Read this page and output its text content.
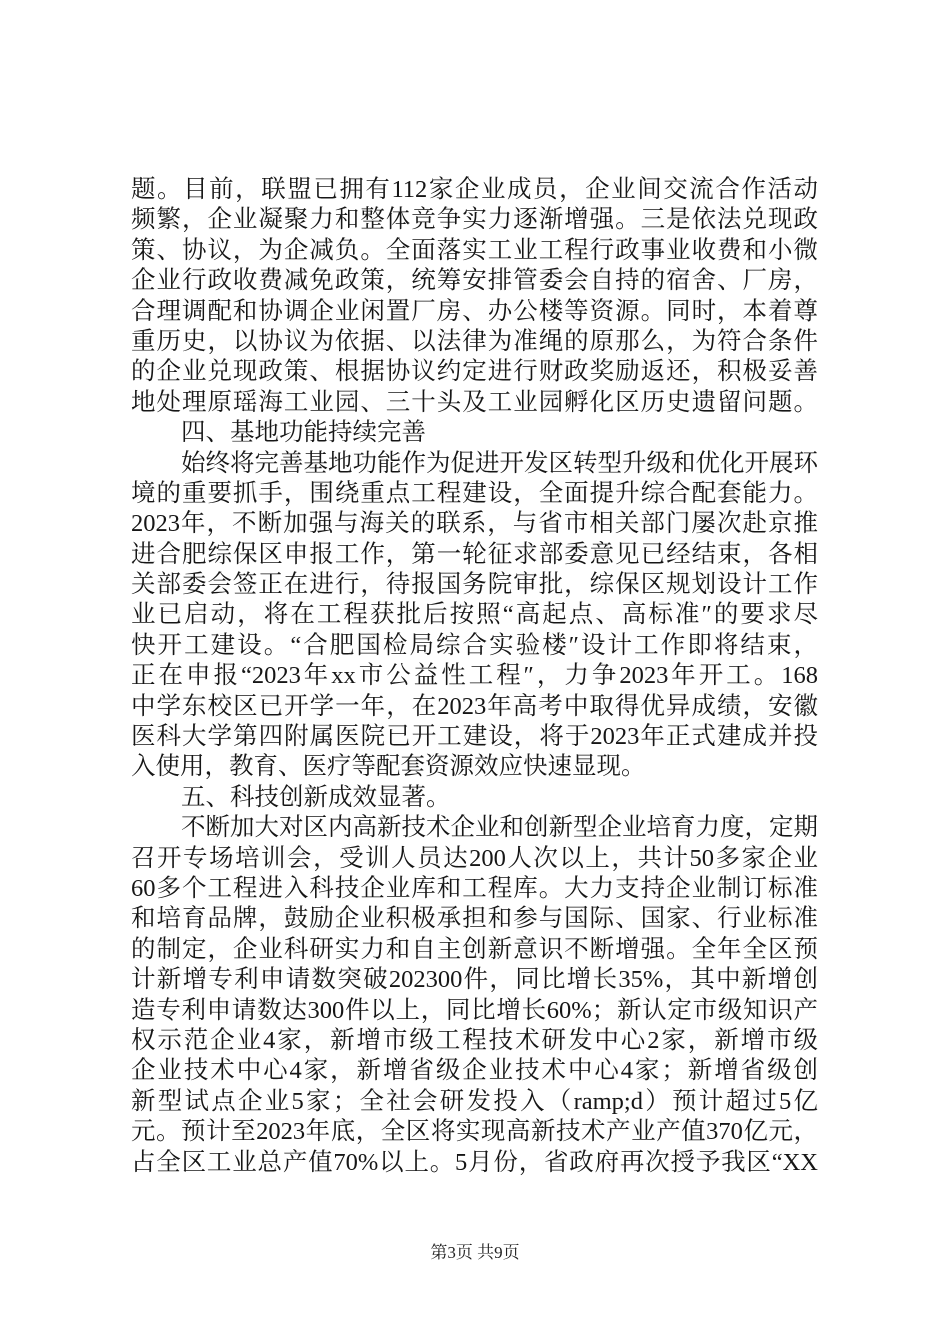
题。目前，联盟已拥有112家企业成员，企业间交流合作活动
频繁，企业凝聚力和整体竞争实力逐渐增强。三是依法兑现政
策、协议，为企减负。全面落实工业工程行政事业收费和小微
企业行政收费减免政策，统筹安排管委会自持的宿舍、厂房，
合理调配和协调企业闲置厂房、办公楼等资源。同时，本着尊
重历史，以协议为依据、以法律为准绳的原那么，为符合条件
的企业兑现政策、根据协议约定进行财政奖励返还，积极妥善
地处理原瑶海工业园、三十头及工业园孵化区历史遗留问题。
四、基地功能持续完善
始终将完善基地功能作为促进开发区转型升级和优化开展环
境的重要抓手，围绕重点工程建设，全面提升综合配套能力。
2023年，不断加强与海关的联系，与省市相关部门屡次赴京推
进合肥综保区申报工作，第一轮征求部委意见已经结束，各相
关部委会签正在进行，待报国务院审批，综保区规划设计工作
业已启动，将在工程获批后按照“高起点、高标准″的要求尽
快开工建设。“合肥国检局综合实验楼″设计工作即将结束，
正在申报“2023年xx市公益性工程″，力争2023年开工。168
中学东校区已开学一年，在2023年高考中取得优异成绩，安徽
医科大学第四附属医院已开工建设，将于2023年正式建成并投
入使用，教育、医疗等配套资源效应快速显现。
五、科技创新成效显著。
不断加大对区内高新技术企业和创新型企业培育力度，定期
召开专场培训会，受训人员达200人次以上，共计50多家企业
60多个工程进入科技企业库和工程库。大力支持企业制订标准
和培育品牌，鼓励企业积极承担和参与国际、国家、行业标准
的制定，企业科研实力和自主创新意识不断增强。全年全区预
计新增专利申请数突破202300件，同比增长35%，其中新增创
造专利申请数达300件以上，同比增长60%；新认定市级知识产
权示范企业4家，新增市级工程技术研发中心2家，新增市级
企业技术中心4家，新增省级企业技术中心4家；新增省级创
新型试点企业5家；全社会研发投入（ramp;d）预计超过5亿
元。预计至2023年底，全区将实现高新技术产业产值370亿元，
占全区工业总产值70%以上。5月份，省政府再次授予我区“XX
第3页 共9页
